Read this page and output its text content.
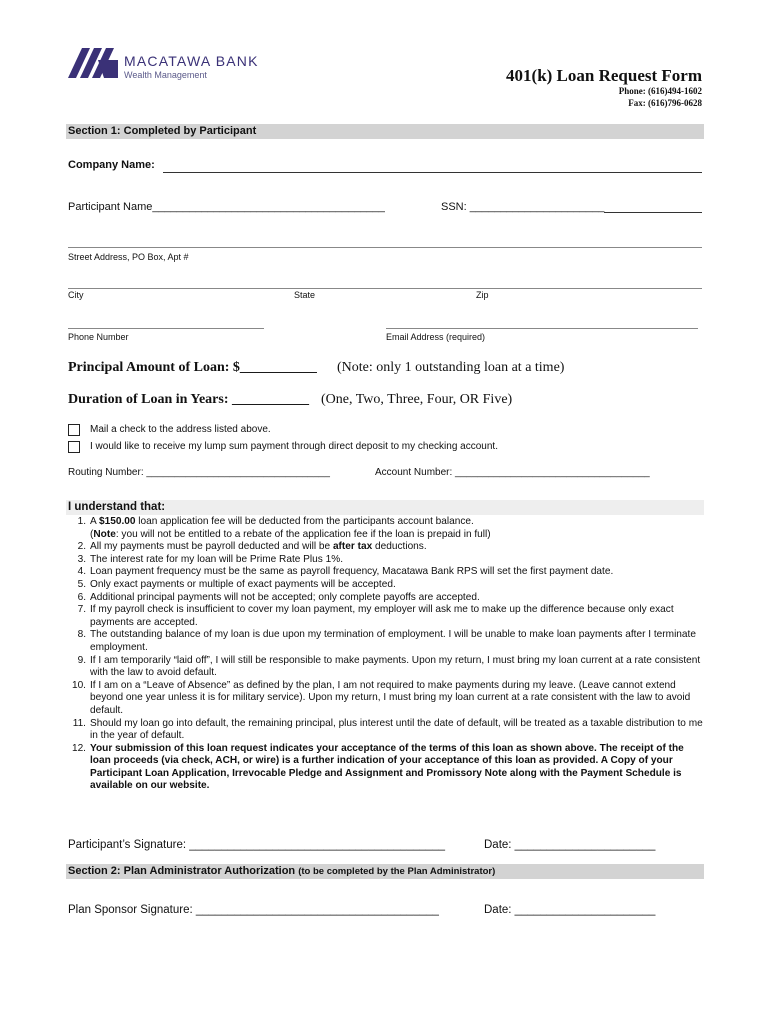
MACATAWA BANK
Wealth Management	401(k) Loan Request Form
Phone: (616)494-1602
Fax: (616)796-0628
Section 1: Completed by Participant
Company Name:
Participant Name______________________________________	SSN: ______________________
Street Address, PO Box, Apt #
City	State	Zip
Phone Number	Email Address (required)
Principal Amount of Loan: $___________ (Note: only 1 outstanding loan at a time)
Duration of Loan in Years: ___________ (One, Two, Three, Four, OR Five)
Mail a check to the address listed above.
I would like to receive my lump sum payment through direct deposit to my checking account.
Routing Number: _________________________________	Account Number: ___________________________________
I understand that:
1. A $150.00 loan application fee will be deducted from the participants account balance.
(Note: you will not be entitled to a rebate of the application fee if the loan is prepaid in full)
2. All my payments must be payroll deducted and will be after tax deductions.
3. The interest rate for my loan will be Prime Rate Plus 1%.
4. Loan payment frequency must be the same as payroll frequency, Macatawa Bank RPS will set the first payment date.
5. Only exact payments or multiple of exact payments will be accepted.
6. Additional principal payments will not be accepted; only complete payoffs are accepted.
7. If my payroll check is insufficient to cover my loan payment, my employer will ask me to make up the difference because only exact payments are accepted.
8. The outstanding balance of my loan is due upon my termination of employment. I will be unable to make loan payments after I terminate employment.
9. If I am temporarily “laid off”, I will still be responsible to make payments. Upon my return, I must bring my loan current at a rate consistent with the law to avoid default.
10. If I am on a “Leave of Absence” as defined by the plan, I am not required to make payments during my leave. (Leave cannot extend beyond one year unless it is for military service). Upon my return, I must bring my loan current at a rate consistent with the law to avoid default.
11. Should my loan go into default, the remaining principal, plus interest until the date of default, will be treated as a taxable distribution to me in the year of default.
12. Your submission of this loan request indicates your acceptance of the terms of this loan as shown above. The receipt of the loan proceeds (via check, ACH, or wire) is a further indication of your acceptance of this loan as provided. A Copy of your Participant Loan Application, Irrevocable Pledge and Assignment and Promissory Note along with the Payment Schedule is available on our website.
Participant’s Signature: ________________________________________	Date: ______________________
Section 2: Plan Administrator Authorization (to be completed by the Plan Administrator)
Plan Sponsor Signature: ______________________________________	Date: ______________________
